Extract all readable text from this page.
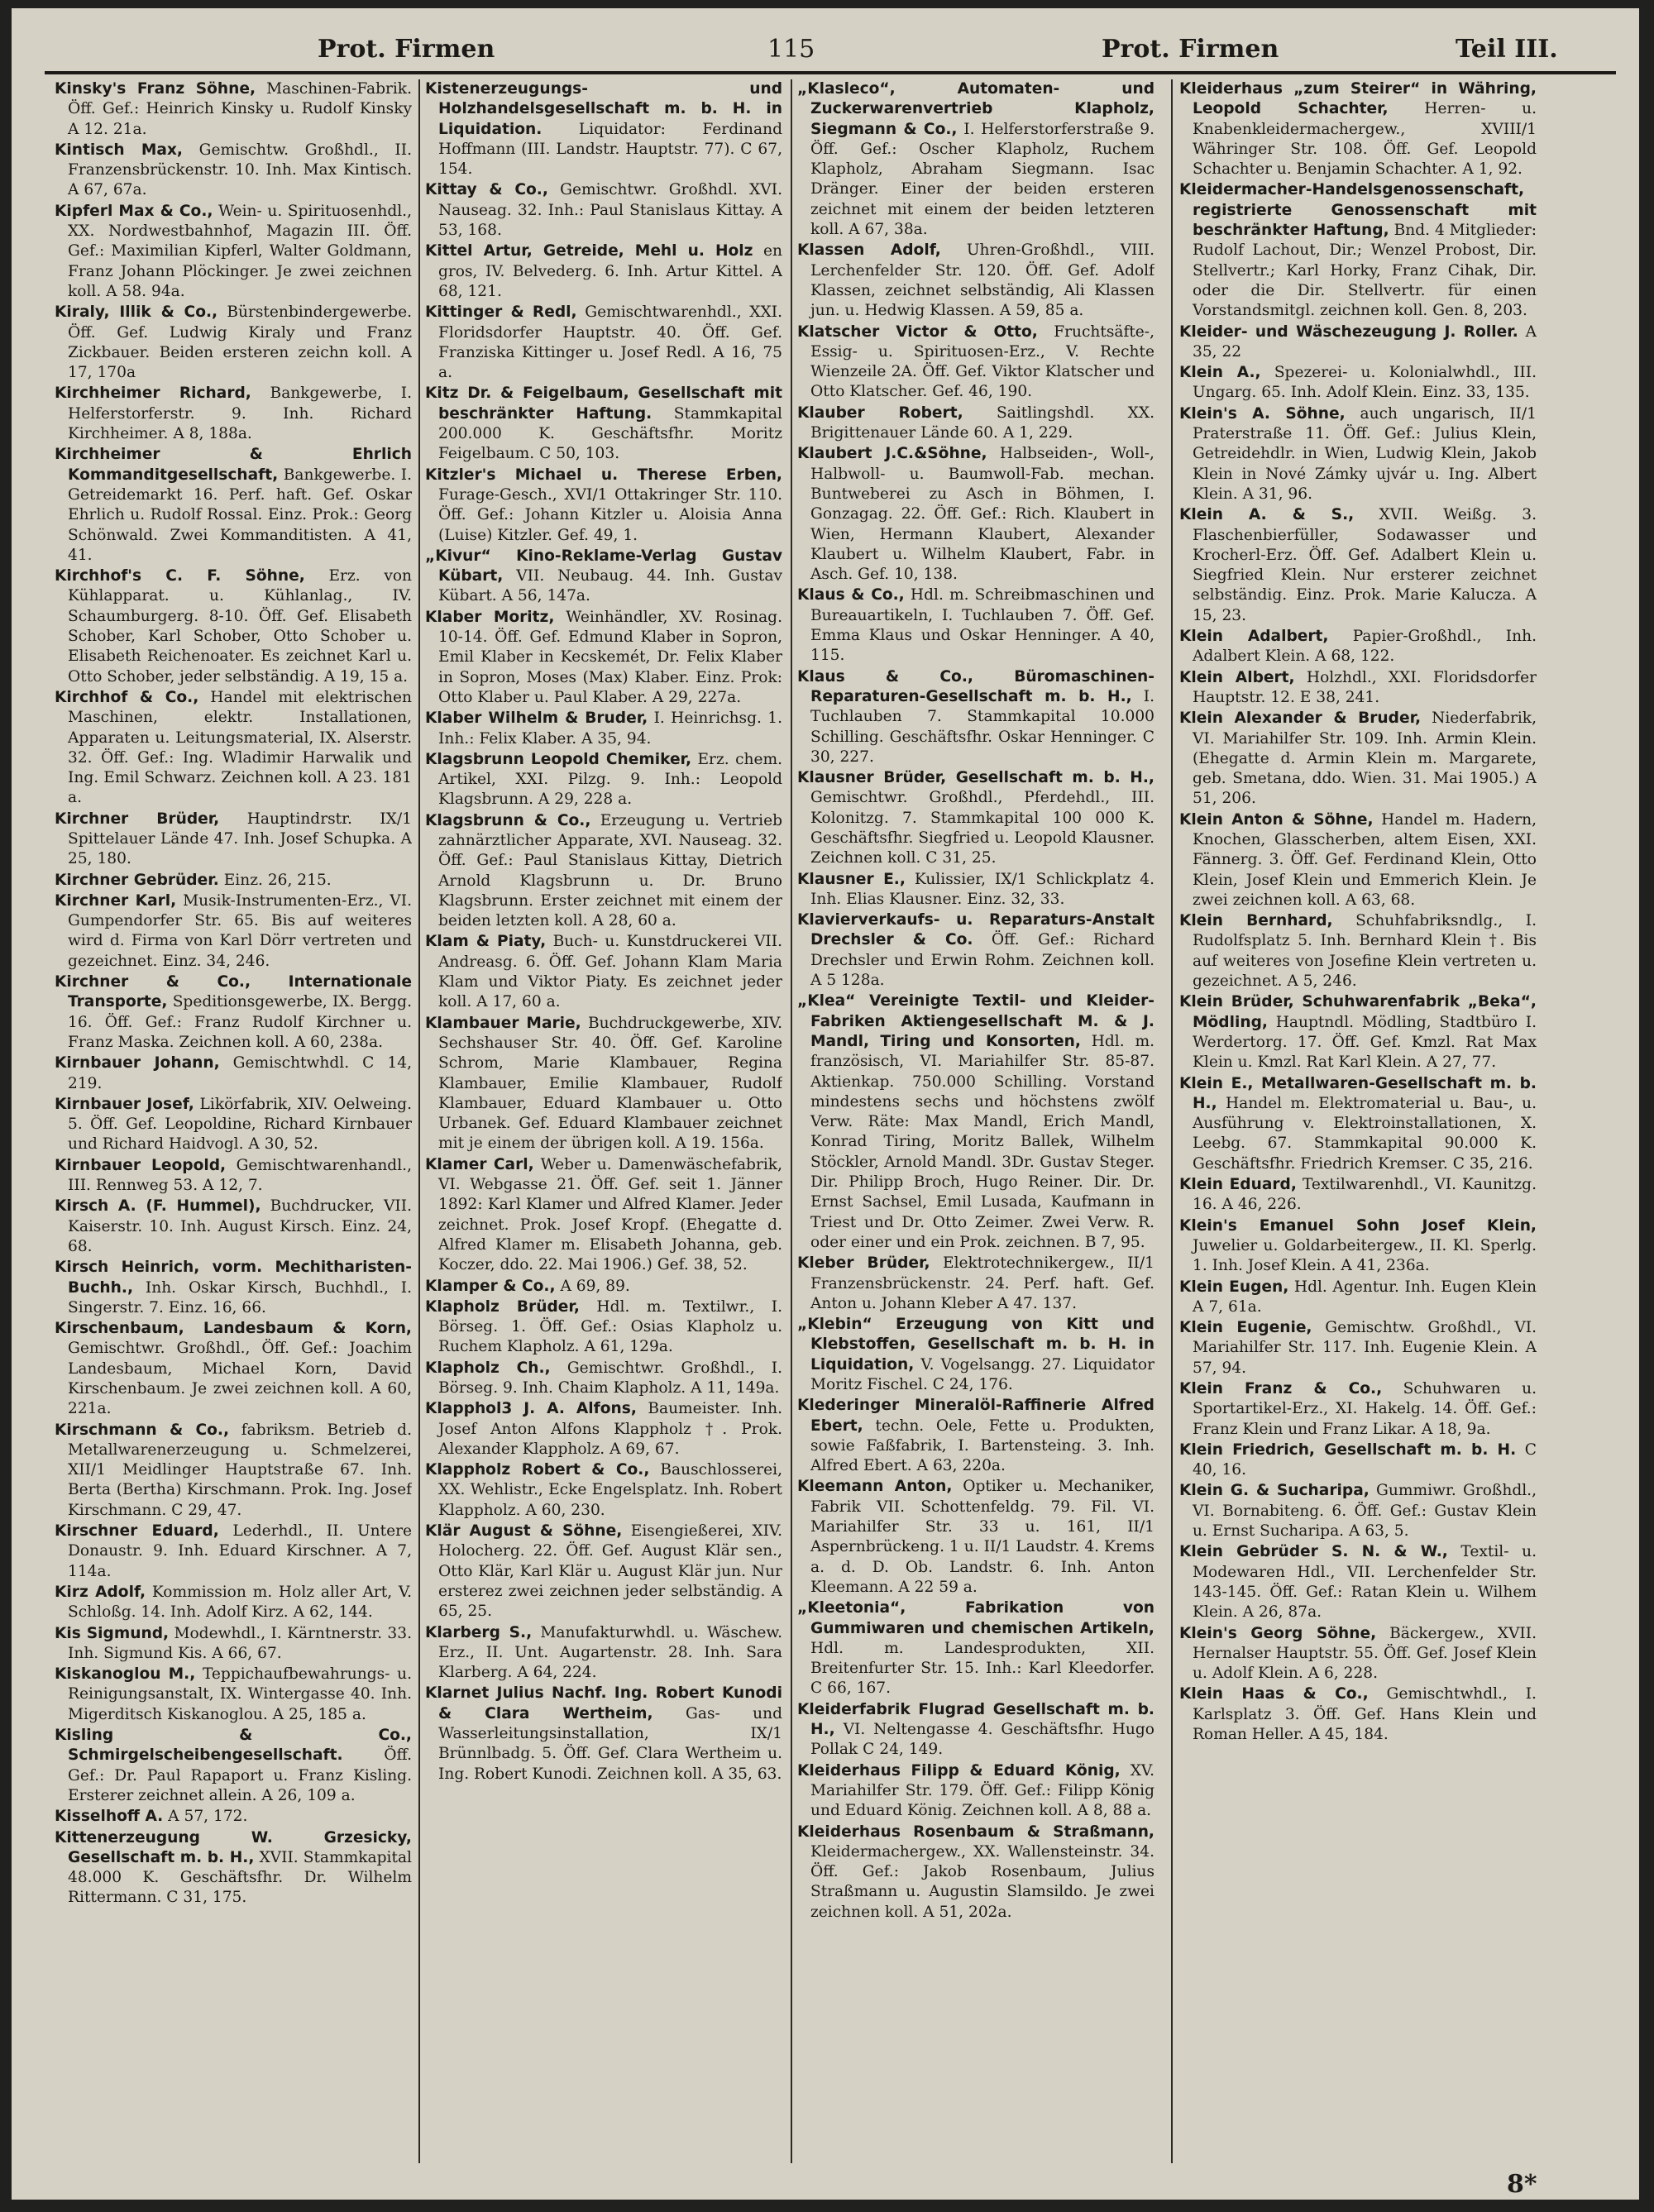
Prot. Firmen	115	Prot. Firmen	Teil III.

Kinsky's Franz Söhne, Maschinen-Fabrik. Öff. Gef.: Heinrich Kinsky u. Rudolf Kinsky A 12. 21a.

Kintisch Max, Gemischtw. Großhdl., II. Franzensbrückenstr. 10. Inh. Max Kintisch. A 67, 67a.

Kipferl Max & Co., Wein- u. Spirituosenhdl., XX. Nordwestbahnhof, Magazin III. Öff. Gef.: Maximilian Kipferl, Walter Goldmann, Franz Johann Plöckinger. Je zwei zeichnen koll. A 58. 94a.

Kiraly, Illik & Co., Bürstenbindergewerbe. Öff. Gef. Ludwig Kiraly und Franz Zickbauer. Beiden ersteren zeichn koll. A 17, 170a

Kirchheimer Richard, Bankgewerbe, I. Helferstorferstr. 9. Inh. Richard Kirchheimer. A 8, 188a.

Kirchheimer & Ehrlich Kommanditgesellschaft, Bankgewerbe. I. Getreidemarkt 16. Perf. haft. Gef. Oskar Ehrlich u. Rudolf Rossal. Einz. Prok.: Georg Schönwald. Zwei Kommanditisten. A 41, 41.

Kirchhof's C. F. Söhne, Erz. von Kühlapparat. u. Kühlanlag., IV. Schaumburgerg. 8-10. Öff. Gef. Elisabeth Schober, Karl Schober, Otto Schober u. Elisabeth Reichenoater. Es zeichnet Karl u. Otto Schober, jeder selbständig. A 19, 15 a.

Kirchhof & Co., Handel mit elektrischen Maschinen, elektr. Installationen, Apparaten u. Leitungsmaterial, IX. Alserstr. 32. Öff. Gef.: Ing. Wladimir Harwalik und Ing. Emil Schwarz. Zeichnen koll. A 23. 181 a.

Kirchner Brüder, Hauptindrstr. IX/1 Spittelauer Lände 47. Inh. Josef Schupka. A 25, 180.

Kirchner Gebrüder. Einz. 26, 215.

Kirchner Karl, Musik-Instrumenten-Erz., VI. Gumpendorfer Str. 65. Bis auf weiteres wird d. Firma von Karl Dörr vertreten und gezeichnet. Einz. 34, 246.

Kirchner & Co., Internationale Transporte, Speditionsgewerbe, IX. Bergg. 16. Öff. Gef.: Franz Rudolf Kirchner u. Franz Maska. Zeichnen koll. A 60, 238a.

Kirnbauer Johann, Gemischtwhdl. C 14, 219.

Kirnbauer Josef, Likörfabrik, XIV. Oelweing. 5. Öff. Gef. Leopoldine, Richard Kirnbauer und Richard Haidvogl. A 30, 52.

Kirnbauer Leopold, Gemischtwarenhandl., III. Rennweg 53. A 12, 7.

Kirsch A. (F. Hummel), Buchdrucker, VII. Kaiserstr. 10. Inh. August Kirsch. Einz. 24, 68.

Kirsch Heinrich, vorm. Mechitharisten-Buchh., Inh. Oskar Kirsch, Buchhdl., I. Singerstr. 7. Einz. 16, 66.

Kirschenbaum, Landesbaum & Korn, Gemischtwr. Großhdl., Öff. Gef.: Joachim Landesbaum, Michael Korn, David Kirschenbaum. Je zwei zeichnen koll. A 60, 221a.

Kirschmann & Co., fabriksm. Betrieb d. Metallwarenerzeugung u. Schmelzerei, XII/1 Meidlinger Hauptstraße 67. Inh. Berta (Bertha) Kirschmann. Prok. Ing. Josef Kirschmann. C 29, 47.

Kirschner Eduard, Lederhdl., II. Untere Donaustr. 9. Inh. Eduard Kirschner. A 7, 114a.

Kirz Adolf, Kommission m. Holz aller Art, V. Schloßg. 14. Inh. Adolf Kirz. A 62, 144.

Kis Sigmund, Modewhdl., I. Kärntnerstr. 33. Inh. Sigmund Kis. A 66, 67.

Kiskanoglou M., Teppichaufbewahrungs- u. Reinigungsanstalt, IX. Wintergasse 40. Inh. Migerditsch Kiskanoglou. A 25, 185 a.

Kisling & Co., Schmirgelscheibengesellschaft.	Öff. Gef.: Dr. Paul Rapaport u. Franz Kisling. Ersterer zeichnet allein. A 26, 109 a.

Kisselhoff A. A 57, 172.

Kittenerzeugung W. Grzesicky, Gesellschaft m. b. H., XVII. Stammkapital 48.000 K. Geschäftsfhr. Dr. Wilhelm Rittermann. C 31, 175.

Kistenerzeugungs- und Holzhandelsgesellschaft m. b. H. in Liquidation. Liquidator: Ferdinand Hoffmann (III. Landstr. Hauptstr. 77). C 67, 154.

Kittay & Co., Gemischtwr. Großhdl. XVI. Nauseag. 32. Inh.: Paul Stanislaus Kittay. A 53, 168.

Kittel Artur, Getreide, Mehl u. Holz en gros, IV. Belvederg. 6. Inh. Artur Kittel. A 68, 121.

Kittinger & Redl, Gemischtwarenhdl., XXI. Floridsdorfer Hauptstr. 40. Öff. Gef. Franziska Kittinger u. Josef Redl. A 16, 75 a.

Kitz Dr. & Feigelbaum, Gesellschaft mit beschränkter Haftung. Stammkapital 200.000 K. Geschäftsfhr. Moritz Feigelbaum. C 50, 103.

Kitzler's Michael u. Therese Erben, Furage-Gesch., XVI/1 Ottakringer Str. 110. Öff. Gef.: Johann Kitzler u. Aloisia Anna (Luise) Kitzler. Gef. 49, 1.

„Kivur“ Kino-Reklame-Verlag Gustav Kübart, VII. Neubaug. 44. Inh. Gustav Kübart. A 56, 147a.

Klaber Moritz, Weinhändler, XV. Rosinag. 10-14. Öff. Gef. Edmund Klaber in Sopron, Emil Klaber in Kecskemét, Dr. Felix Klaber in Sopron, Moses (Max) Klaber. Einz. Prok: Otto Klaber u. Paul Klaber. A 29, 227a.

Klaber Wilhelm & Bruder, I. Heinrichsg. 1. Inh.: Felix Klaber. A 35, 94.

Klagsbrunn Leopold Chemiker, Erz. chem. Artikel, XXI. Pilzg. 9. Inh.: Leopold Klagsbrunn. A 29, 228 a.

Klagsbrunn & Co., Erzeugung u. Vertrieb zahnärztlicher Apparate, XVI. Nauseag. 32. Öff. Gef.: Paul Stanislaus Kittay, Dietrich Arnold Klagsbrunn u. Dr. Bruno Klagsbrunn. Erster zeichnet mit einem der beiden letzten koll. A 28, 60 a.

Klam & Piaty, Buch- u. Kunstdruckerei VII. Andreasg. 6. Öff. Gef. Johann Klam Maria Klam und Viktor Piaty. Es zeichnet jeder koll. A 17, 60 a.

Klambauer Marie, Buchdruckgewerbe, XIV. Sechshauser Str. 40. Öff. Gef. Karoline Schrom, Marie Klambauer, Regina Klambauer, Emilie Klambauer, Rudolf Klambauer, Eduard Klambauer u. Otto Urbanek. Gef. Eduard Klambauer zeichnet mit je einem der übrigen koll. A 19. 156a.

Klamer Carl, Weber u. Damenwäschefabrik, VI. Webgasse 21. Öff. Gef. seit 1. Jänner 1892: Karl Klamer und Alfred Klamer. Jeder zeichnet. Prok. Josef Kropf. (Ehegatte d. Alfred Klamer m. Elisabeth Johanna, geb. Koczer, ddo. 22. Mai 1906.) Gef. 38, 52.

Klamper & Co., A 69, 89.

Klapholz Brüder, Hdl. m. Textilwr., I. Börseg. 1. Öff. Gef.: Osias Klapholz u. Ruchem Klapholz. A 61, 129a.

Klapholz Ch., Gemischtwr. Großhdl., I. Börseg. 9. Inh. Chaim Klapholz. A 11, 149a.

Klapphol3 J. A. Alfons, Baumeister. Inh. Josef Anton Alfons Klappholz †. Prok. Alexander Klappholz. A 69, 67.

Klappholz Robert & Co., Bauschlosserei, XX. Wehlistr., Ecke Engelsplatz. Inh. Robert Klappholz. A 60, 230.

Klär August & Söhne, Eisengießerei, XIV. Holocherg. 22. Öff. Gef. August Klär sen., Otto Klär, Karl Klär u. August Klär jun. Nur ersterez zwei zeichnen jeder selbständig. A 65, 25.

Klarberg S., Manufakturwhdl. u. Wäschew. Erz., II. Unt. Augartenstr. 28. Inh. Sara Klarberg. A 64, 224.

Klarnet Julius Nachf. Ing. Robert Kunodi & Clara Wertheim, Gas- und Wasserleitungsinstallation, IX/1 Brünnlbadg. 5. Öff. Gef. Clara Wertheim u. Ing. Robert Kunodi. Zeichnen koll. A 35, 63.

„Klasleco“, Automaten- und Zuckerwarenvertrieb Klapholz, Siegmann & Co., I. Helferstorferstraße 9. Öff. Gef.: Oscher Klapholz, Ruchem Klapholz, Abraham Siegmann. Isac Dränger. Einer der beiden ersteren zeichnet mit einem der beiden letzteren koll. A 67, 38a.

Klassen Adolf, Uhren-Großhdl., VIII. Lerchenfelder Str. 120. Öff. Gef. Adolf Klassen, zeichnet selbständig, Ali Klassen jun. u. Hedwig Klassen. A 59, 85 a.

Klatscher Victor & Otto, Fruchtsäfte-, Essig- u. Spirituosen-Erz., V. Rechte Wienzeile 2A. Öff. Gef. Viktor Klatscher und Otto Klatscher. Gef. 46, 190.

Klauber Robert, Saitlingshdl. XX. Brigittenauer Lände 60. A 1, 229.

Klaubert J.C.&Söhne, Halbseiden-, Woll-, Halbwoll- u. Baumwoll-Fab. mechan. Buntweberei zu Asch in Böhmen, I. Gonzagag. 22. Öff. Gef.: Rich. Klaubert in Wien, Hermann Klaubert, Alexander Klaubert u. Wilhelm Klaubert, Fabr. in Asch. Gef. 10, 138.

Klaus & Co., Hdl. m. Schreibmaschinen und Bureauartikeln, I. Tuchlauben 7. Öff. Gef. Emma Klaus und Oskar Henninger. A 40, 115.

Klaus & Co., Büromaschinen-Reparaturen-Gesellschaft m. b. H., I. Tuchlauben 7. Stammkapital 10.000 Schilling. Geschäftsfhr. Oskar Henninger. C 30, 227.

Klausner Brüder, Gesellschaft m. b. H., Gemischtwr. Großhdl., Pferdehdl., III. Kolonitzg. 7. Stammkapital 100 000 K. Geschäftsfhr. Siegfried u. Leopold Klausner. Zeichnen koll. C 31, 25.

Klausner E., Kulissier, IX/1 Schlickplatz 4. Inh. Elias Klausner. Einz. 32, 33.

Klavierverkaufs- u. Reparaturs-Anstalt Drechsler & Co. Öff. Gef.: Richard Drechsler und Erwin Rohm. Zeichnen koll. A 5 128a.

„Klea“ Vereinigte Textil- und Kleider-Fabriken Aktiengesellschaft M. & J. Mandl, Tiring und Konsorten, Hdl. m. französisch, VI. Mariahilfer Str. 85-87. Aktienkap. 750.000 Schilling. Vorstand mindestens sechs und höchstens zwölf Verw. Räte: Max Mandl, Erich Mandl, Konrad Tiring, Moritz Ballek, Wilhelm Stöckler, Arnold Mandl. 3Dr. Gustav Steger. Dir. Philipp Broch, Hugo Reiner. Dir. Dr. Ernst Sachsel, Emil Lusada, Kaufmann in Triest und Dr. Otto Zeimer. Zwei Verw. R. oder einer und ein Prok. zeichnen. B 7, 95.

Kleber Brüder, Elektrotechnikergew., II/1 Franzensbrückenstr. 24. Perf. haft. Gef. Anton u. Johann Kleber A 47. 137.

„Klebin“ Erzeugung von Kitt und Klebstoffen, Gesellschaft m. b. H. in Liquidation, V. Vogelsangg. 27. Liquidator Moritz Fischel. C 24, 176.

Klederinger Mineralöl-Raffinerie Alfred Ebert, techn. Oele, Fette u. Produkten, sowie Faßfabrik, I. Bartensteing. 3. Inh. Alfred Ebert. A 63, 220a.

Kleemann Anton, Optiker u. Mechaniker, Fabrik VII. Schottenfeldg. 79. Fil. VI. Mariahilfer Str. 33 u. 161, II/1 Aspernbrückeng. 1 u. II/1 Laudstr. 4. Krems a. d. D. Ob. Landstr. 6. Inh. Anton Kleemann. A 22 59 a.

„Kleetonia“, Fabrikation von Gummiwaren und chemischen Artikeln, Hdl. m. Landesprodukten, XII. Breitenfurter Str. 15. Inh.: Karl Kleedorfer. C 66, 167.

Kleiderfabrik Flugrad Gesellschaft m. b. H., VI. Neltengasse 4. Geschäftsfhr. Hugo Pollak C 24, 149.

Kleiderhaus Filipp & Eduard König, XV. Mariahilfer Str. 179. Öff. Gef.: Filipp König und Eduard König. Zeichnen koll. A 8, 88 a.

Kleiderhaus Rosenbaum & Straßmann, Kleidermachergew., XX. Wallensteinstr. 34. Öff. Gef.: Jakob Rosenbaum, Julius Straßmann u. Augustin Slamsildo. Je zwei zeichnen koll. A 51, 202a.

Kleiderhaus „zum Steirer“ in Währing, Leopold Schachter, Herren- u. Knabenkleidermachergew., XVIII/1 Währinger Str. 108. Öff. Gef. Leopold Schachter u. Benjamin Schachter. A 1, 92.

Kleidermacher-Handelsgenossenschaft, registrierte Genossenschaft mit beschränkter Haftung, Bnd. 4 Mitglieder: Rudolf Lachout, Dir.; Wenzel Probost, Dir. Stellvertr.; Karl Horky, Franz Cihak, Dir. oder die Dir. Stellvertr. für einen Vorstandsmitgl. zeichnen koll. Gen. 8, 203.

Kleider- und Wäschezeugung J. Roller. A 35, 22

Klein A., Spezerei- u. Kolonialwhdl., III. Ungarg. 65. Inh. Adolf Klein. Einz. 33, 135.

Klein's A. Söhne, auch ungarisch, II/1 Praterstraße 11. Öff. Gef.: Julius Klein, Getreidehdlr. in Wien, Ludwig Klein, Jakob Klein in Nové Zámky ujvár u. Ing. Albert Klein. A 31, 96.

Klein A. & S., XVII. Weißg. 3. Flaschenbierfüller, Sodawasser und Krocherl-Erz. Öff. Gef. Adalbert Klein u. Siegfried Klein. Nur ersterer zeichnet selbständig. Einz. Prok. Marie Kalucza. A 15, 23.

Klein Adalbert, Papier-Großhdl., Inh. Adalbert Klein. A 68, 122.

Klein Albert, Holzhdl., XXI. Floridsdorfer Hauptstr. 12. E 38, 241.

Klein Alexander & Bruder, Niederfabrik, VI. Mariahilfer Str. 109. Inh. Armin Klein. (Ehegatte d. Armin Klein m. Margarete, geb. Smetana, ddo. Wien. 31. Mai 1905.) A 51, 206.

Klein Anton & Söhne, Handel m. Hadern, Knochen, Glasscherben, altem Eisen, XXI. Fännerg. 3. Öff. Gef. Ferdinand Klein, Otto Klein, Josef Klein und Emmerich Klein. Je zwei zeichnen koll. A 63, 68.

Klein Bernhard, Schuhfabriksndlg., I. Rudolfsplatz 5. Inh. Bernhard Klein †. Bis auf weiteres von Josefine Klein vertreten u. gezeichnet. A 5, 246.

Klein Brüder, Schuhwarenfabrik „Beka“, Mödling, Hauptndl. Mödling, Stadtbüro I. Werdertorg. 17. Öff. Gef. Kmzl. Rat Max Klein u. Kmzl. Rat Karl Klein. A 27, 77.

Klein E., Metallwaren-Gesellschaft m. b. H., Handel m. Elektromaterial u. Bau-, u. Ausführung v. Elektroinstallationen, X. Leebg. 67. Stammkapital 90.000 K. Geschäftsfhr. Friedrich Kremser. C 35, 216.

Klein Eduard, Textilwarenhdl., VI. Kaunitzg. 16. A 46, 226.

Klein's Emanuel Sohn Josef Klein, Juwelier u. Goldarbeitergew., II. Kl. Sperlg. 1. Inh. Josef Klein. A 41, 236a.

Klein Eugen, Hdl. Agentur. Inh. Eugen Klein A 7, 61a.

Klein Eugenie, Gemischtw. Großhdl., VI. Mariahilfer Str. 117. Inh. Eugenie Klein. A 57, 94.

Klein Franz & Co., Schuhwaren u. Sportartikel-Erz., XI. Hakelg. 14. Öff. Gef.: Franz Klein und Franz Likar. A 18, 9a.

Klein Friedrich, Gesellschaft m. b. H. C 40, 16.

Klein G. & Sucharipa, Gummiwr. Großhdl., VI. Bornabiteng. 6. Öff. Gef.: Gustav Klein u. Ernst Sucharipa. A 63, 5.

Klein Gebrüder S. N. & W., Textil- u. Modewaren Hdl., VII. Lerchenfelder Str. 143-145. Öff. Gef.: Ratan Klein u. Wilhem Klein. A 26, 87a.

Klein's Georg Söhne, Bäckergew., XVII. Hernalser Hauptstr. 55. Öff. Gef. Josef Klein u. Adolf Klein. A 6, 228.

Klein Haas & Co., Gemischtwhdl., I. Karlsplatz 3. Öff. Gef. Hans Klein und Roman Heller. A 45, 184.

8*
